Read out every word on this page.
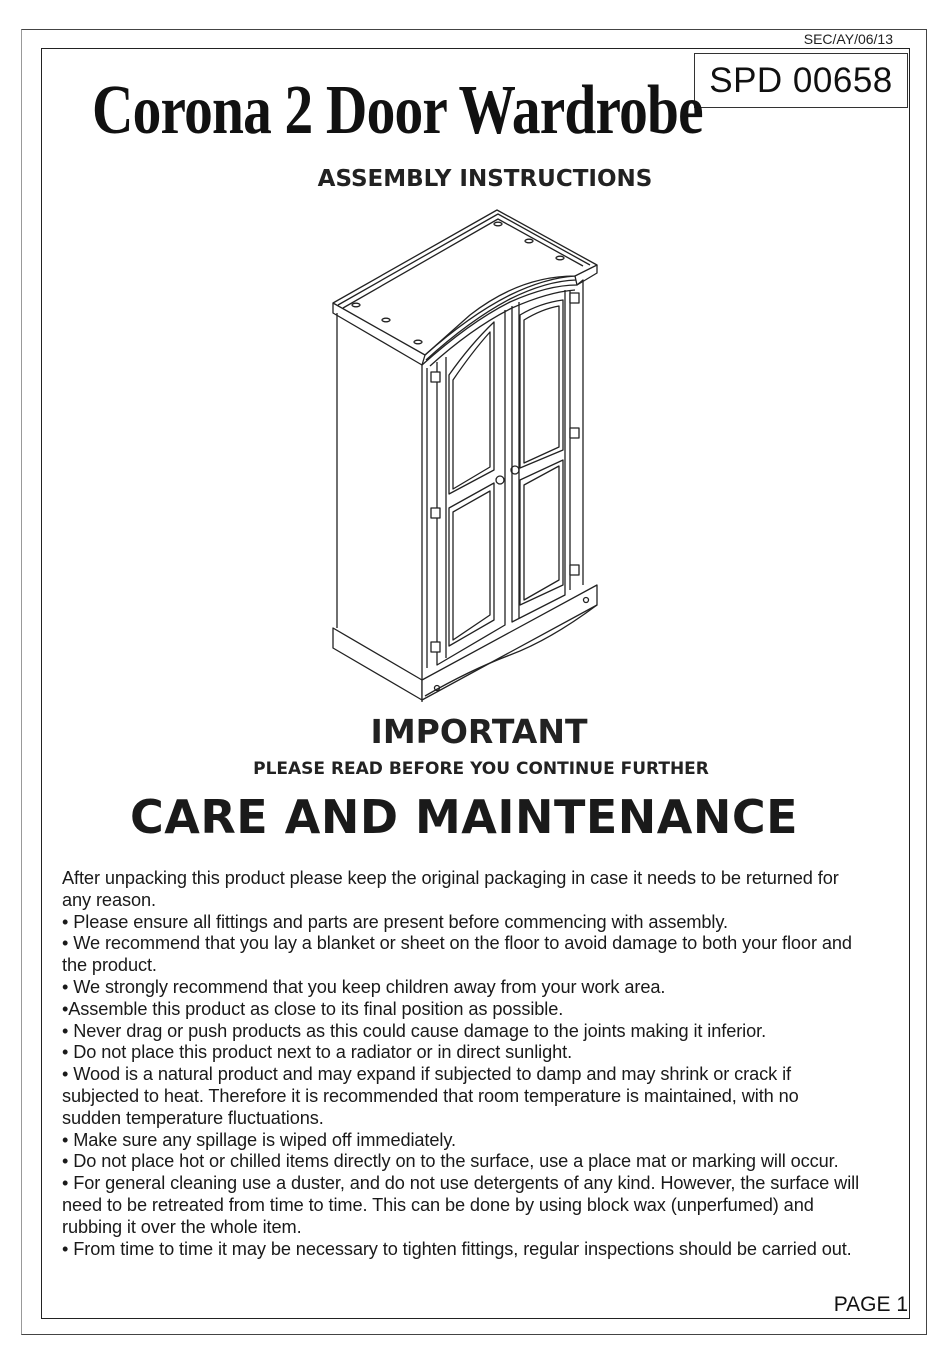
SEC/AY/06/13
SPD 00658
Corona 2 Door Wardrobe
ASSEMBLY INSTRUCTIONS
IMPORTANT
PLEASE READ BEFORE YOU CONTINUE FURTHER
CARE AND MAINTENANCE

After unpacking this product please keep the original packaging in case it needs to be returned for any reason.

• Please ensure all fittings and parts are present before commencing with assembly.

• We recommend that you lay a blanket or sheet on the floor to avoid damage to both your floor and the product.

• We strongly recommend that you keep children away from your work area.

•Assemble this product as close to its final position as possible.

• Never drag or push products as this could cause damage to the joints making it inferior.

• Do not place this product next to a radiator or in direct sunlight.

• Wood is a natural product and may expand if subjected to damp and may shrink or crack if subjected to heat. Therefore it is recommended that room temperature is maintained, with no sudden temperature fluctuations.

• Make sure any spillage is wiped off immediately.

• Do not place hot or chilled items directly on to the surface, use a place mat or marking will occur.

• For general cleaning use a duster, and do not use detergents of any kind. However, the surface will need to be retreated from time to time. This can be done by using block wax (unperfumed) and rubbing it over the whole item.

• From time to time it may be necessary to tighten fittings, regular inspections should be carried out.

PAGE 1
